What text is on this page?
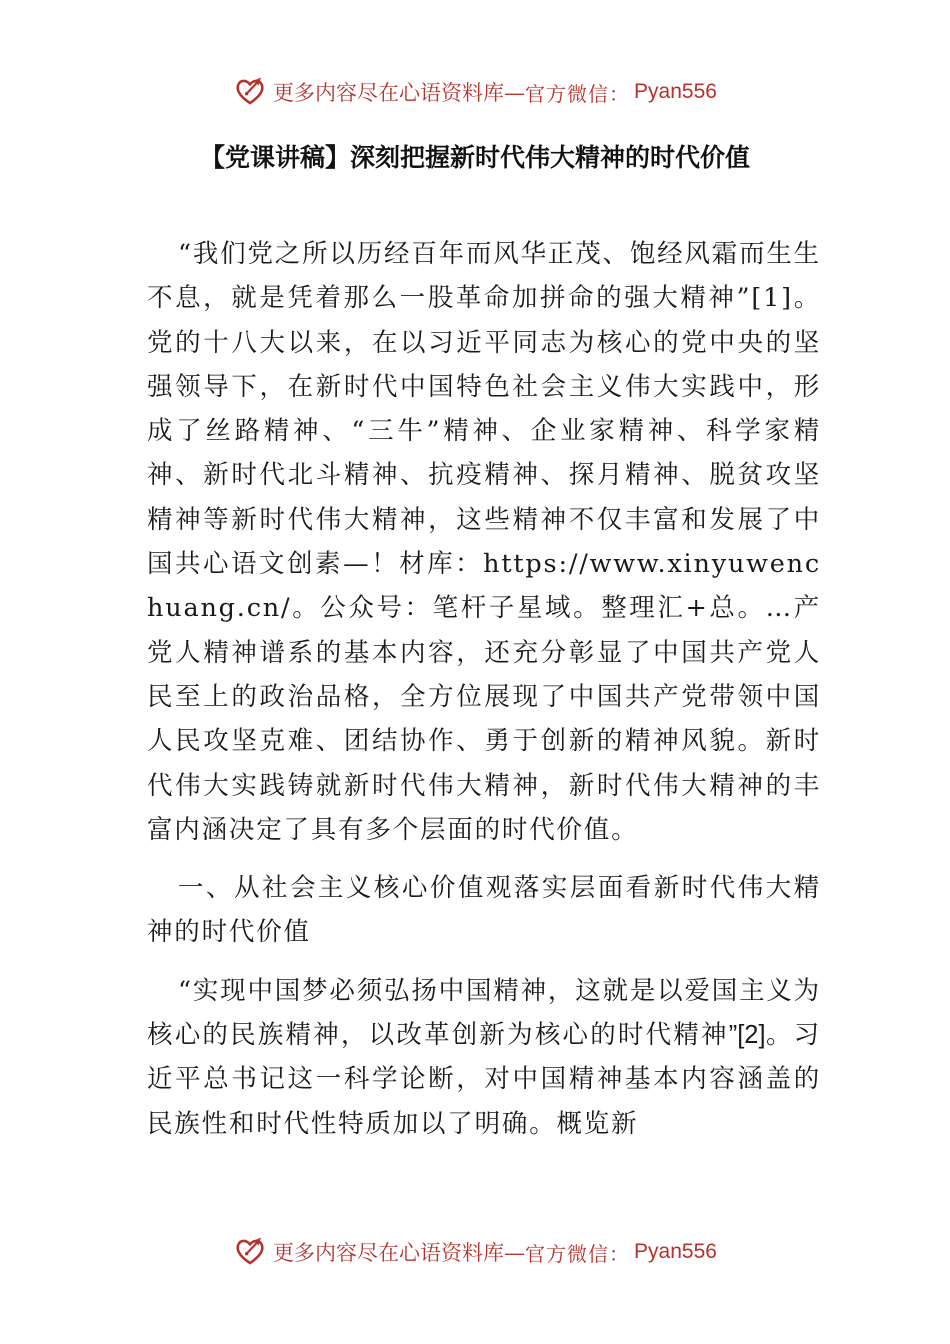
更多内容尽在心语资料库— 官方微信： Pyan556
【党课讲稿】深刻把握新时代伟大精神的时代价值

“我们党之所以历经百年而风华正茂、饱经风霜而生生不息，就是凭着那么一股革命加拼命的强大精神”[1]。党的十八大以来，在以习近平同志为核心的党中央的坚强领导下，在新时代中国特色社会主义伟大实践中，形成了丝路精神、“三牛”精神、企业家精神、科学家精神、新时代北斗精神、抗疫精神、探月精神、脱贫攻坚精神等新时代伟大精神，这些精神不仅丰富和发展了中国共心语文创素—！材库：https://www.xinyuwenchuang.cn/。公众号：笔杆子星域。整理汇+总。…产党人精神谱系的基本内容，还充分彰显了中国共产党人民至上的政治品格，全方位展现了中国共产党带领中国人民攻坚克难、团结协作、勇于创新的精神风貌。新时代伟大实践铸就新时代伟大精神，新时代伟大精神的丰富内涵决定了具有多个层面的时代价值。

一、从社会主义核心价值观落实层面看新时代伟大精神的时代价值

“实现中国梦必须弘扬中国精神，这就是以爱国主义为核心的民族精神，以改革创新为核心的时代精神”[2]。习近平总书记这一科学论断，对中国精神基本内容涵盖的民族性和时代性特质加以了明确。概览新

更多内容尽在心语资料库— 官方微信： Pyan556
